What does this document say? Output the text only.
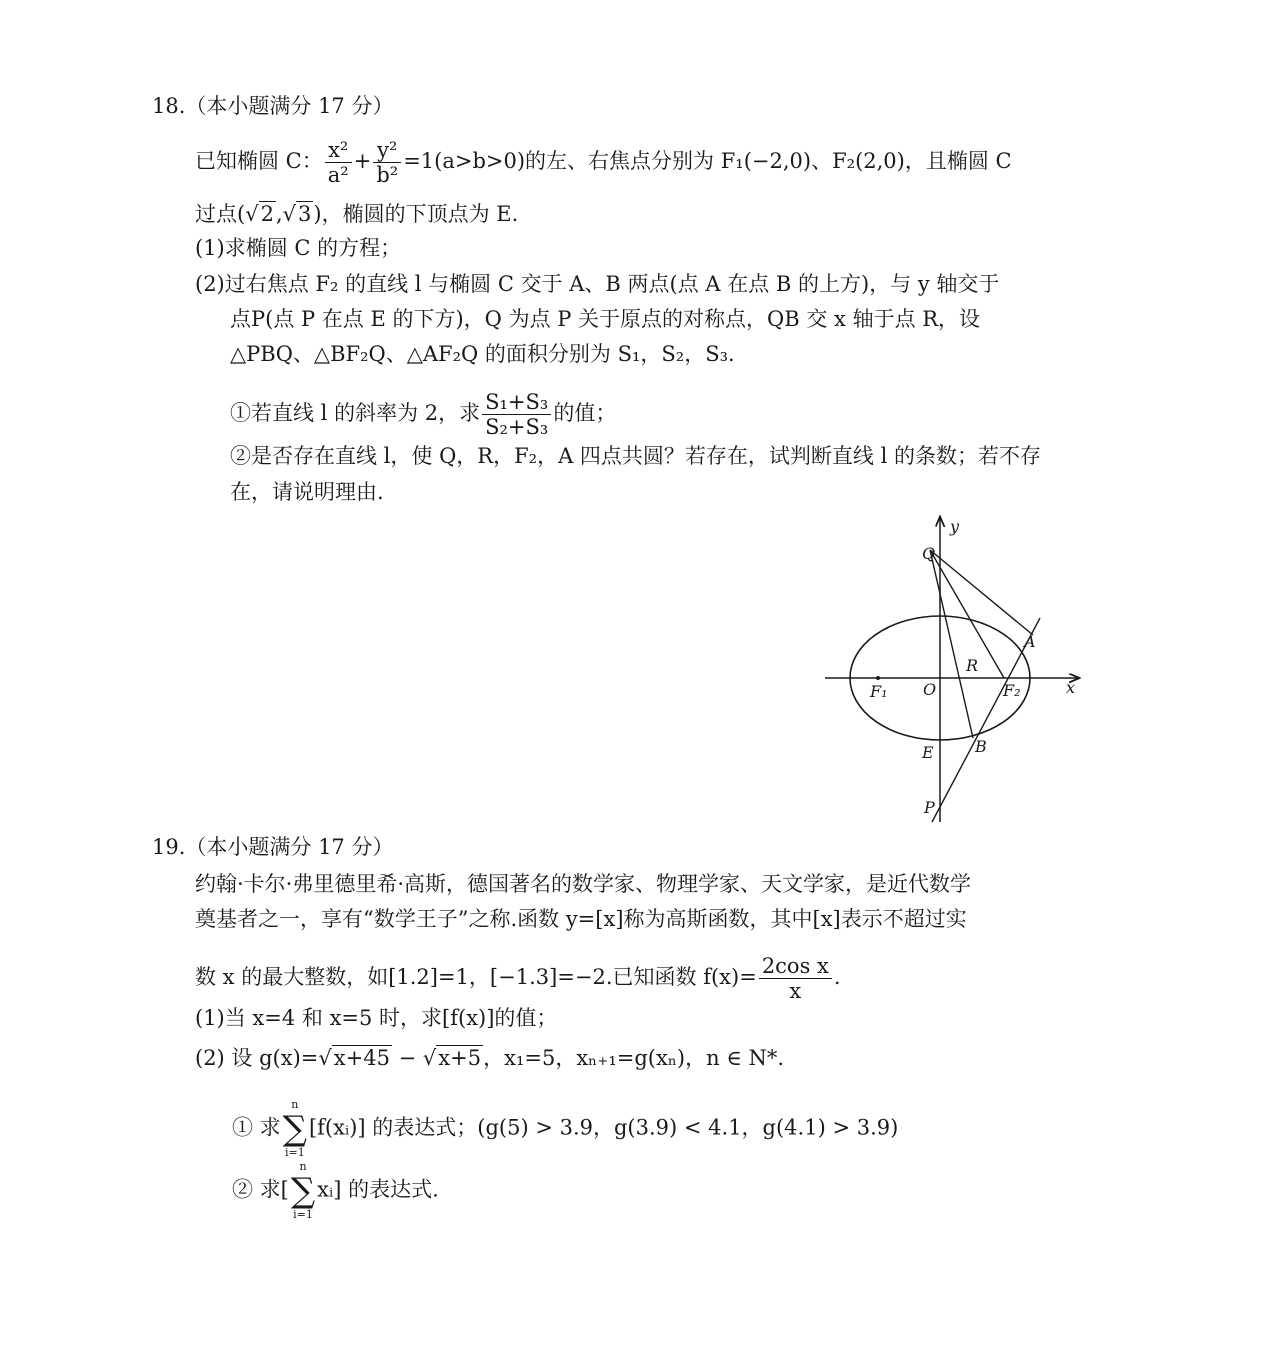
18.（本小题满分 17 分）
已知椭圆 C： $\frac{\text{x²}}{\text{a²}} + \frac{\text{y²}}{\text{b²}} =1(a>b>0)$的左、右焦点分别为 F₁(−2,0)、F₂(2,0)，且椭圆 C
过点(√2,√3)，椭圆的下顶点为 E.
(1)求椭圆 C 的方程；
(2)过右焦点 F₂ 的直线 l 与椭圆 C 交于 A、B 两点(点 A 在点 B 的上方)，与 y 轴交于
点P(点 P 在点 E 的下方)，Q 为点 P 关于原点的对称点，QB 交 x 轴于点 R，设
△PBQ、△BF₂Q、△AF₂Q 的面积分别为 S₁，S₂，S₃.
①若直线 l 的斜率为 2，求 $\frac{\text{S₁+S₃}}{\text{S₂+S₃}}$ 的值；
②是否存在直线 l，使 Q，R，F₂，A 四点共圆？若存在，试判断直线 l 的条数；若不存
在，请说明理由.
y
x
Q
A
R
F₁ O	F₂
E	B
P
19.（本小题满分 17 分）
约翰·卡尔·弗里德里希·高斯，德国著名的数学家、物理学家、天文学家，是近代数学
奠基者之一，享有“数学王子”之称.函数 y=[x]称为高斯函数，其中[x]表示不超过实
数 x 的最大整数，如[1.2]=1，[−1.3]=−2.已知函数 $f(x)= \frac{\text{2cos x}}{x}$ .
(1)当 x=4 和 x=5 时，求[f(x)]的值；
(2) 设 g(x)=√x+45 − √x+5，x₁=5，xₙ₊₁=g(xₙ)，n ∈ N*.
① 求
n
∑
i=1
[f(xᵢ)] 的表达式；(g(5) > 3.9，g(3.9) < 4.1，g(4.1) > 3.9)
② 求[
n
∑
i=1
xᵢ] 的表达式.
